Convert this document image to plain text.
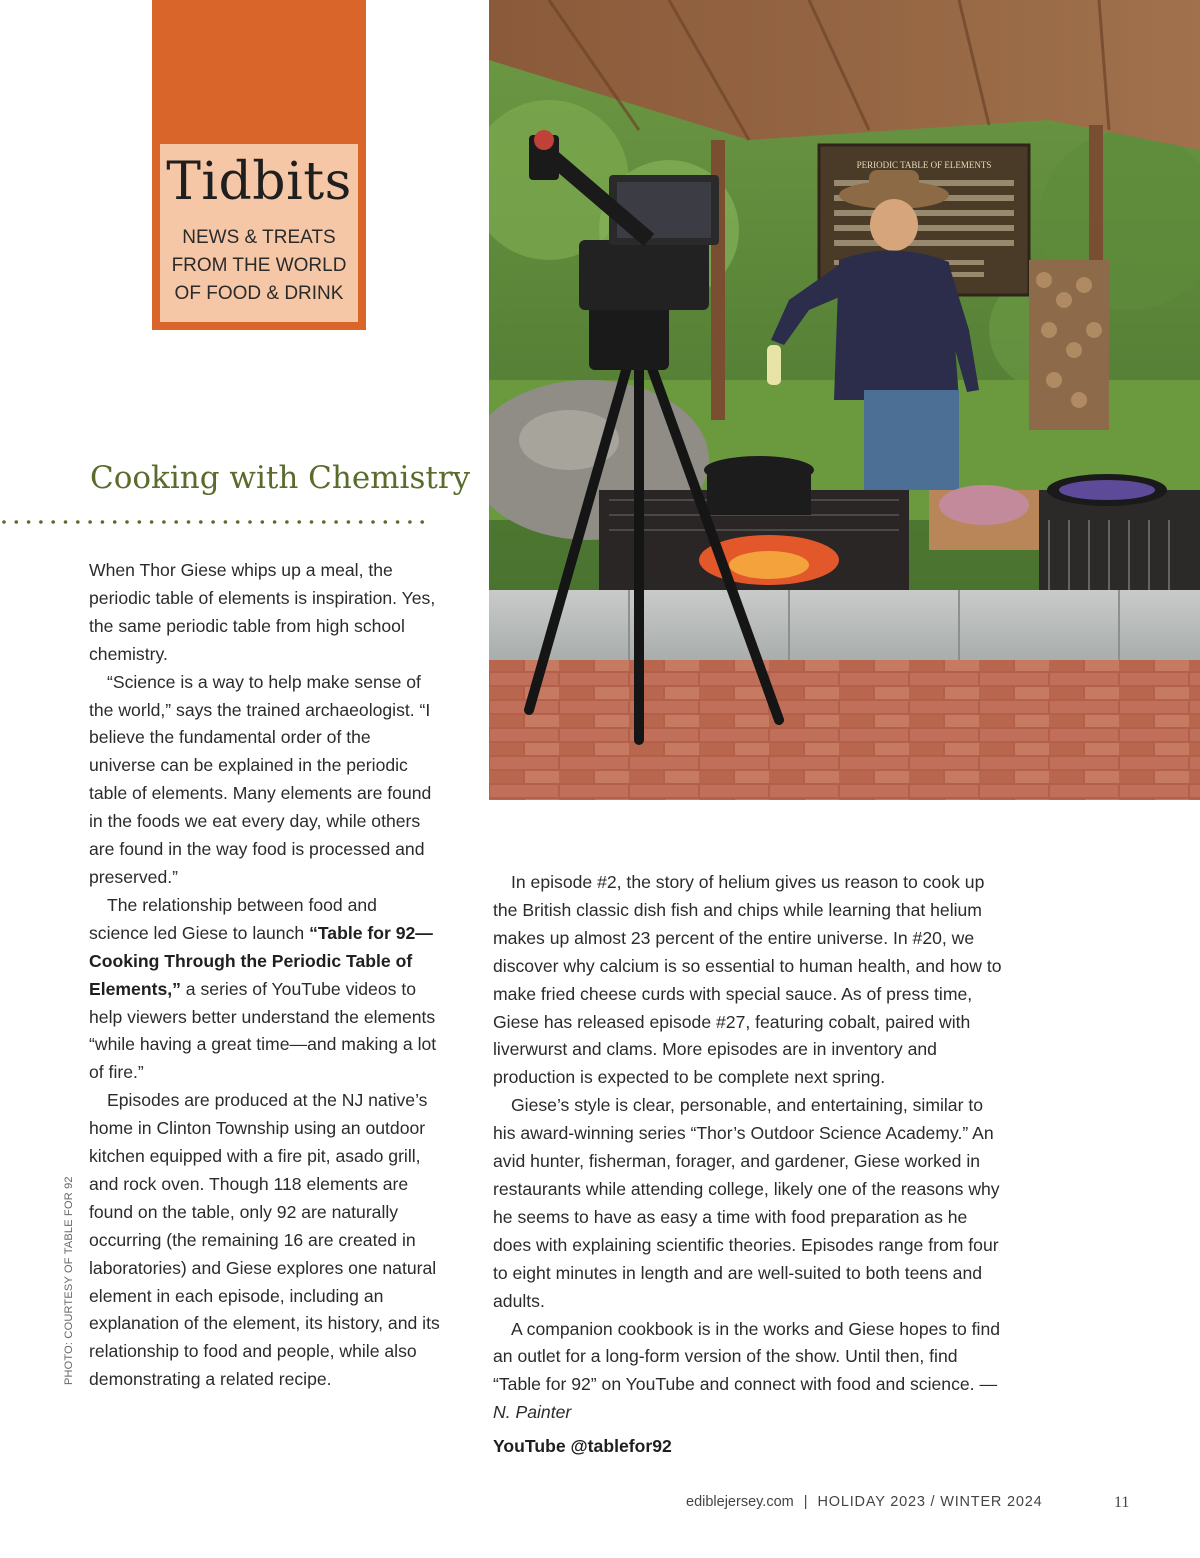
Tidbits
NEWS & TREATS
FROM THE WORLD
OF FOOD & DRINK
PERIODIC TABLE OF ELEMENTS
Cooking with Chemistry

When Thor Giese whips up a meal, the periodic table of elements is inspiration. Yes, the same periodic table from high school chemistry.

“Science is a way to help make sense of the world,” says the trained archaeologist. “I believe the fundamental order of the universe can be explained in the periodic table of elements. Many elements are found in the foods we eat every day, while others are found in the way food is processed and preserved.”

The relationship between food and science led Giese to launch “Table for 92—Cooking Through the Periodic Table of Elements,” a series of YouTube videos to help viewers better understand the elements “while having a great time—and making a lot of fire.”

Episodes are produced at the NJ native’s home in Clinton Township using an outdoor kitchen equipped with a fire pit, asado grill, and rock oven. Though 118 elements are found on the table, only 92 are naturally occurring (the remaining 16 are created in laboratories) and Giese explores one natural element in each episode, including an explanation of the element, its history, and its relationship to food and people, while also demonstrating a related recipe.

In episode #2, the story of helium gives us reason to cook up the British classic dish fish and chips while learning that helium makes up almost 23 percent of the entire universe. In #20, we discover why calcium is so essential to human health, and how to make fried cheese curds with special sauce. As of press time, Giese has released episode #27, featuring cobalt, paired with liverwurst and clams. More episodes are in inventory and production is expected to be complete next spring.

Giese’s style is clear, personable, and entertaining, similar to his award-winning series “Thor’s Outdoor Science Academy.” An avid hunter, fisherman, forager, and gardener, Giese worked in restaurants while attending college, likely one of the reasons why he seems to have as easy a time with food preparation as he does with explaining scientific theories. Episodes range from four to eight minutes in length and are well-suited to both teens and adults.

A companion cookbook is in the works and Giese hopes to find an outlet for a long-form version of the show. Until then, find “Table for 92” on YouTube and connect with food and science. —N. Painter

YouTube @tablefor92
PHOTO: COURTESY OF TABLE FOR 92
ediblejersey.com | HOLIDAY 2023 / WINTER 2024	11
